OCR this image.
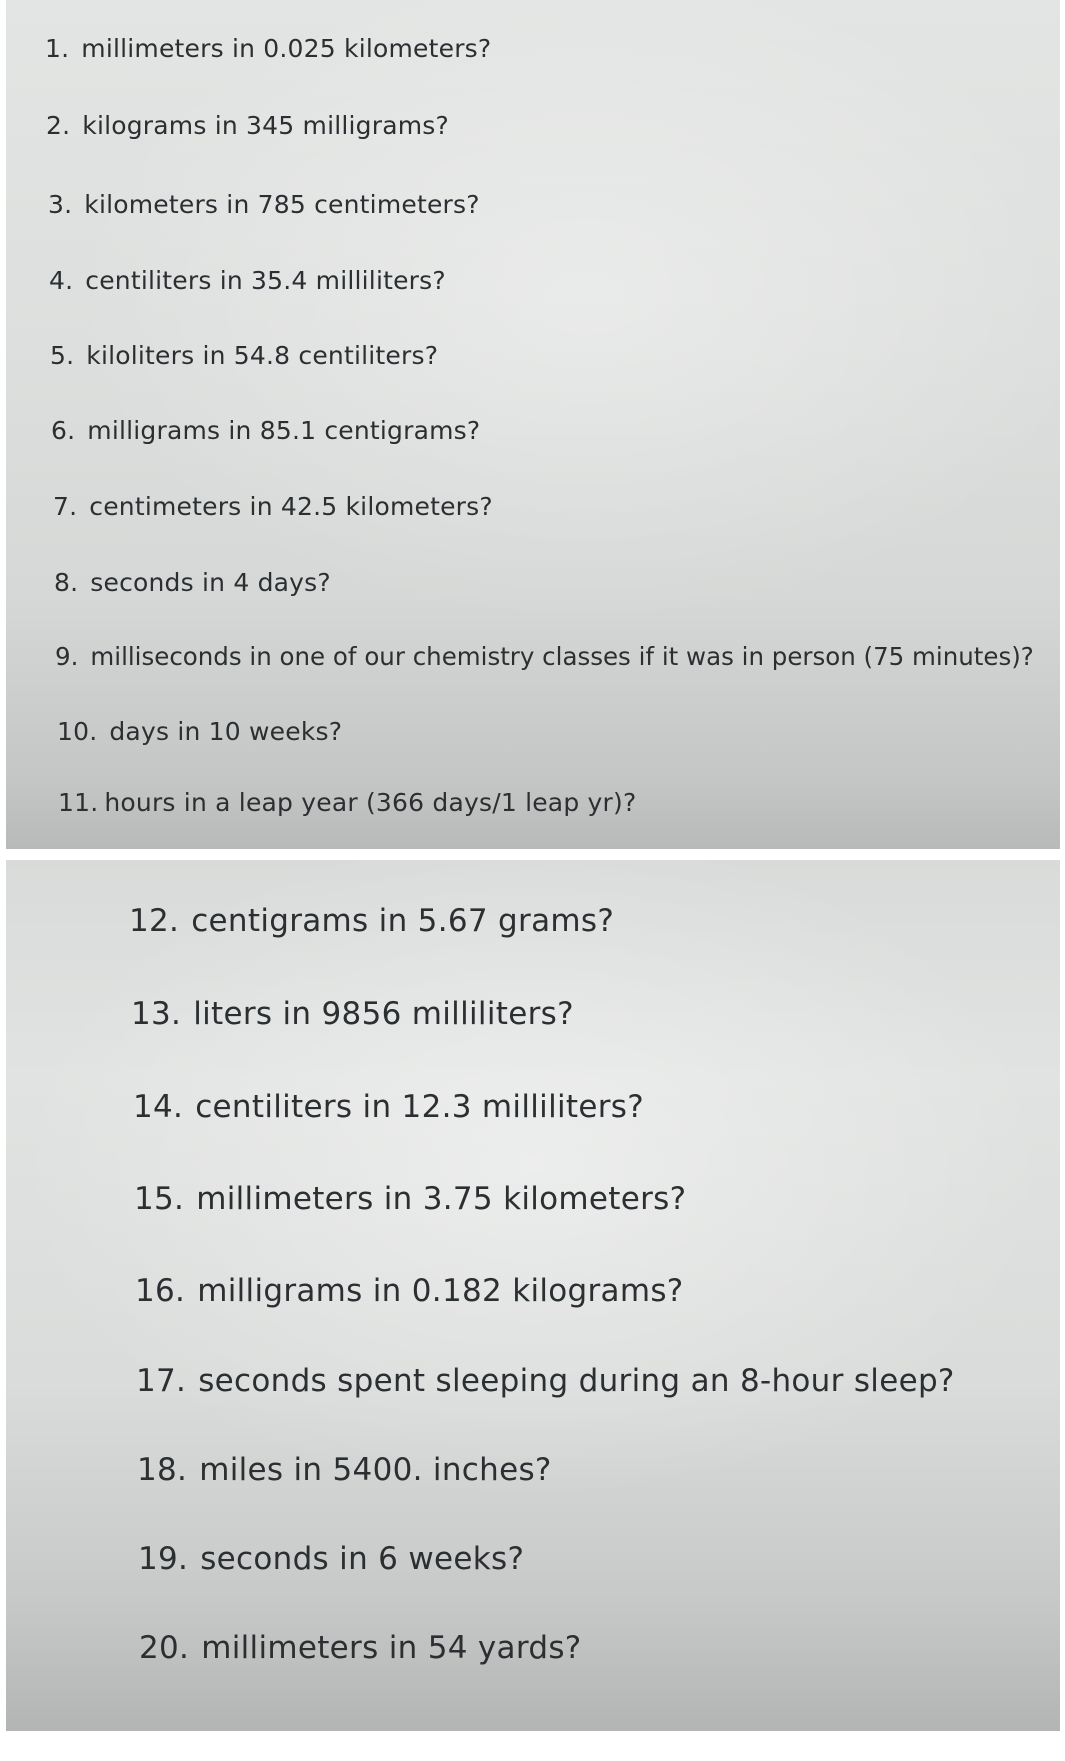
1. millimeters in 0.025 kilometers?

2. kilograms in 345 milligrams?

3. kilometers in 785 centimeters?

4. centiliters in 35.4 milliliters?

5. kiloliters in 54.8 centiliters?

6. milligrams in 85.1 centigrams?

7. centimeters in 42.5 kilometers?

8. seconds in 4 days?

9. milliseconds in one of our chemistry classes if it was in person (75 minutes)?

10. days in 10 weeks?

11. hours in a leap year (366 days/1 leap yr)?

12. centigrams in 5.67 grams?

13. liters in 9856 milliliters?

14. centiliters in 12.3 milliliters?

15. millimeters in 3.75 kilometers?

16. milligrams in 0.182 kilograms?

17. seconds spent sleeping during an 8-hour sleep?

18. miles in 5400. inches?

19. seconds in 6 weeks?

20. millimeters in 54 yards?
